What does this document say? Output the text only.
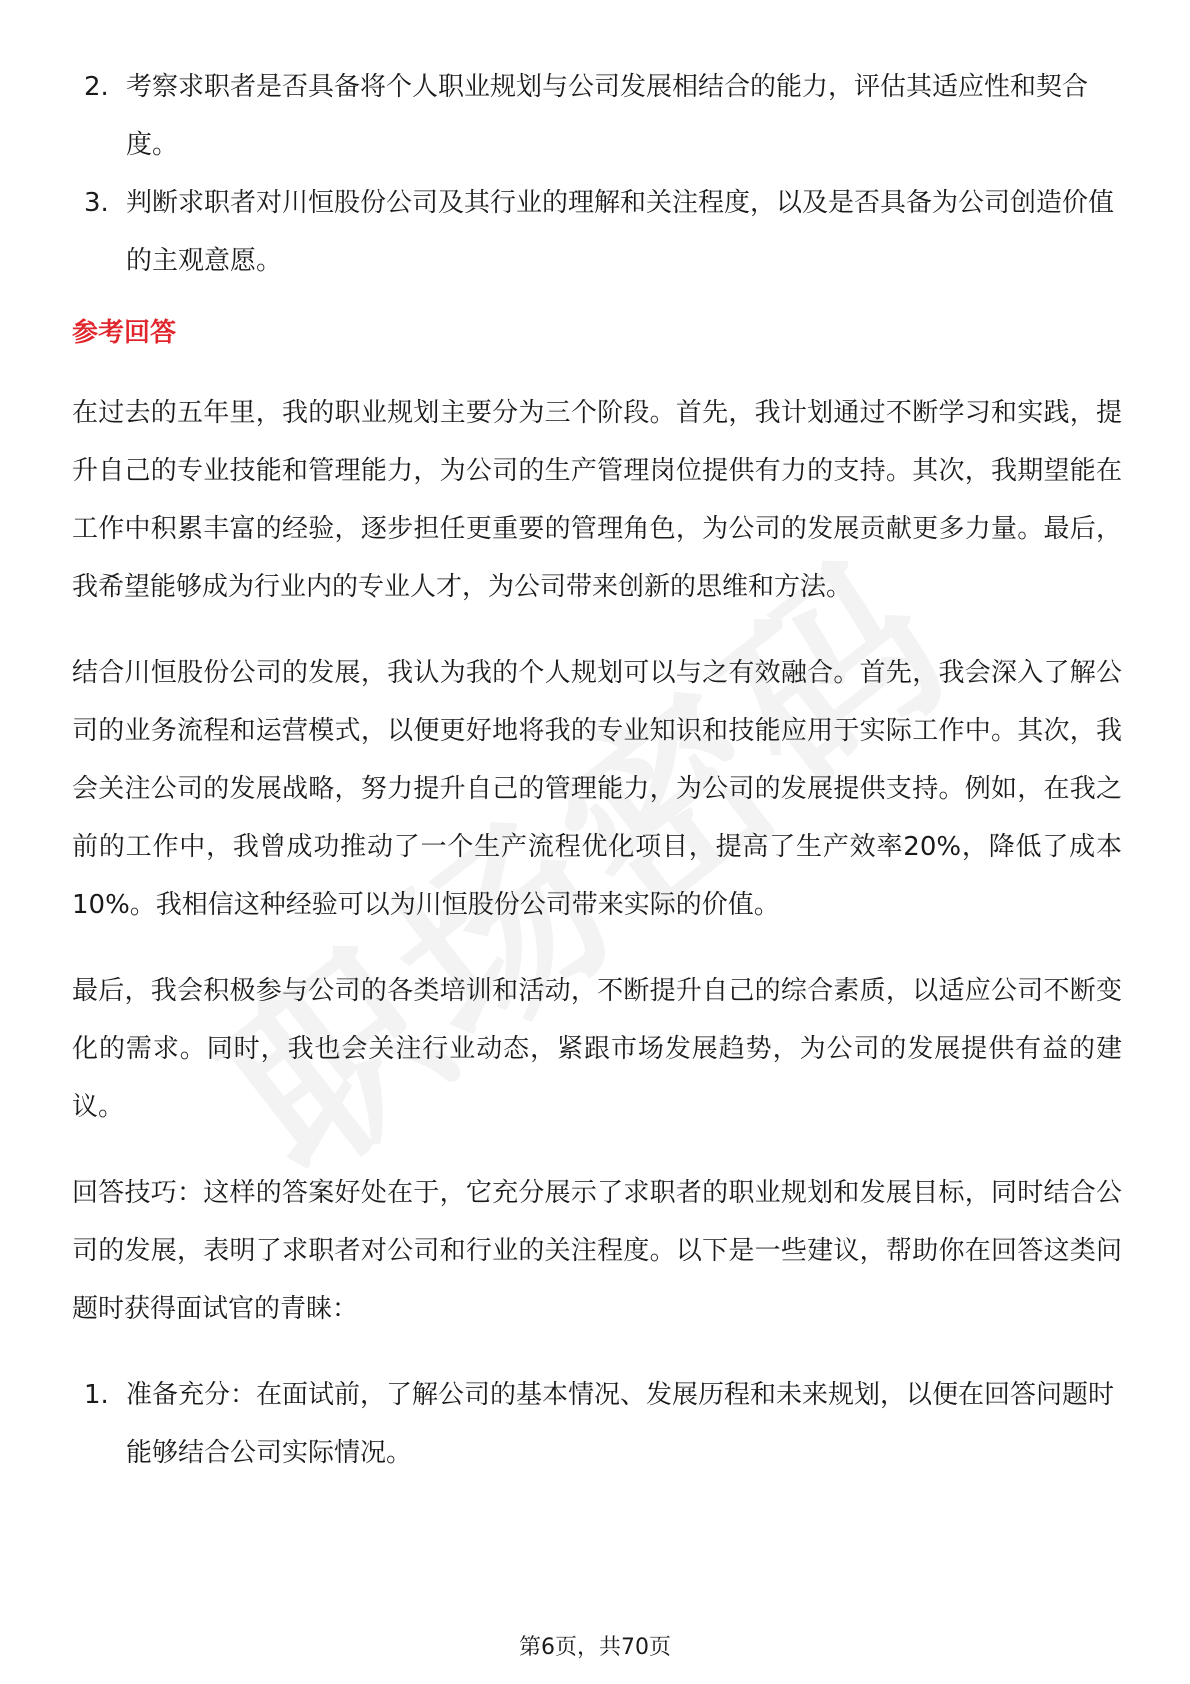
2. 考察求职者是否具备将个人职业规划与公司发展相结合的能力，评估其适应性和契合度。
3. 判断求职者对川恒股份公司及其行业的理解和关注程度，以及是否具备为公司创造价值的主观意愿。
参考回答

在过去的五年里，我的职业规划主要分为三个阶段。首先，我计划通过不断学习和实践，提升自己的专业技能和管理能力，为公司的生产管理岗位提供有力的支持。其次，我期望能在工作中积累丰富的经验，逐步担任更重要的管理角色，为公司的发展贡献更多力量。最后，我希望能够成为行业内的专业人才，为公司带来创新的思维和方法。

结合川恒股份公司的发展，我认为我的个人规划可以与之有效融合。首先，我会深入了解公司的业务流程和运营模式，以便更好地将我的专业知识和技能应用于实际工作中。其次，我会关注公司的发展战略，努力提升自己的管理能力，为公司的发展提供支持。例如，在我之前的工作中，我曾成功推动了一个生产流程优化项目，提高了生产效率20%，降低了成本10%。我相信这种经验可以为川恒股份公司带来实际的价值。

最后，我会积极参与公司的各类培训和活动，不断提升自己的综合素质，以适应公司不断变化的需求。同时，我也会关注行业动态，紧跟市场发展趋势，为公司的发展提供有益的建议。

回答技巧：这样的答案好处在于，它充分展示了求职者的职业规划和发展目标，同时结合公司的发展，表明了求职者对公司和行业的关注程度。以下是一些建议，帮助你在回答这类问题时获得面试官的青睐：

1. 准备充分：在面试前，了解公司的基本情况、发展历程和未来规划，以便在回答问题时能够结合公司实际情况。
第6页，共70页
